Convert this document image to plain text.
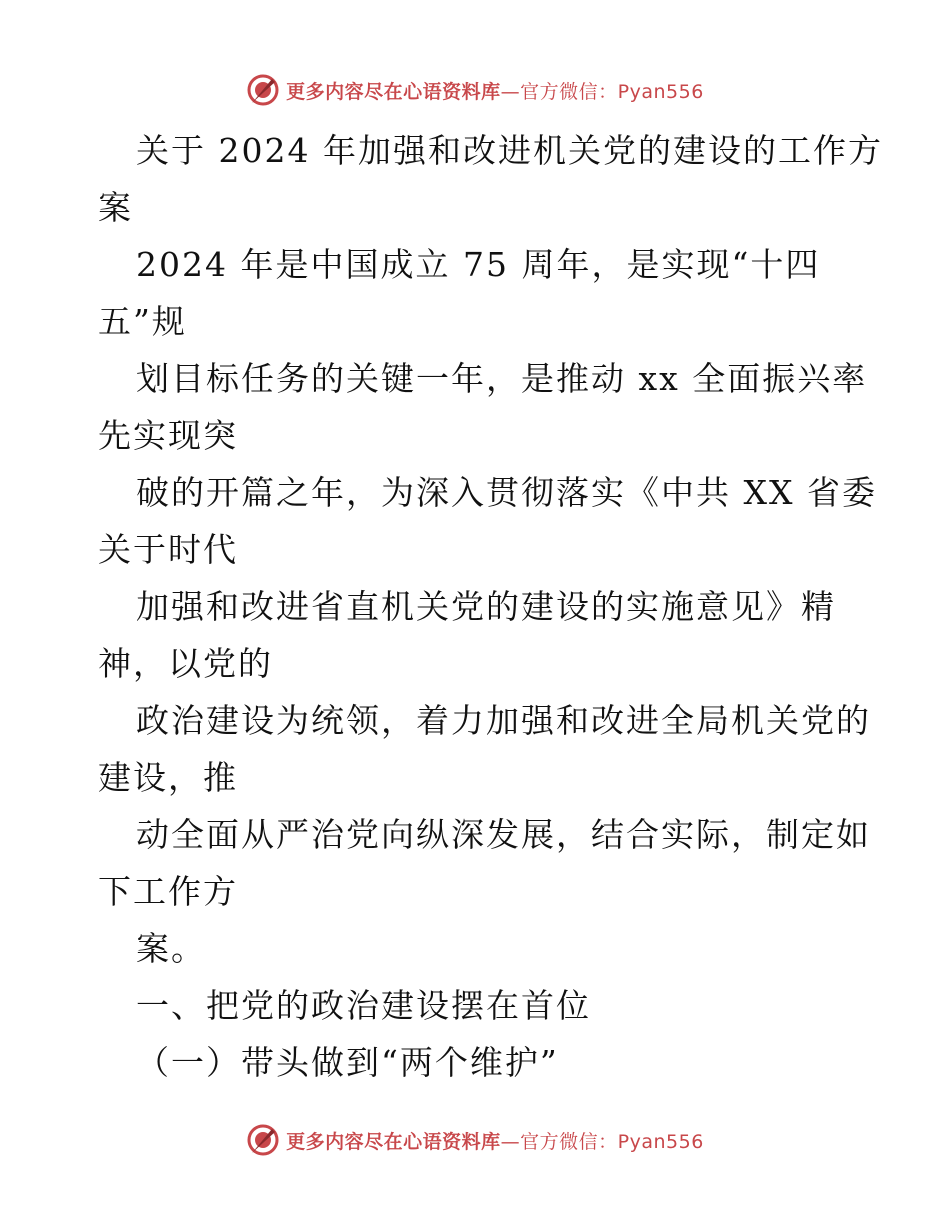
更多内容尽在心语资料库—官方微信：Pyan556
关于 2024 年加强和改进机关党的建设的工作方
案
2024 年是中国成立 75 周年，是实现“十四
五”规
划目标任务的关键一年，是推动 xx 全面振兴率
先实现突
破的开篇之年，为深入贯彻落实《中共 XX 省委
关于时代
加强和改进省直机关党的建设的实施意见》精
神，以党的
政治建设为统领，着力加强和改进全局机关党的
建设，推
动全面从严治党向纵深发展，结合实际，制定如
下工作方
案。
一、把党的政治建设摆在首位
（一）带头做到“两个维护”
更多内容尽在心语资料库—官方微信：Pyan556
